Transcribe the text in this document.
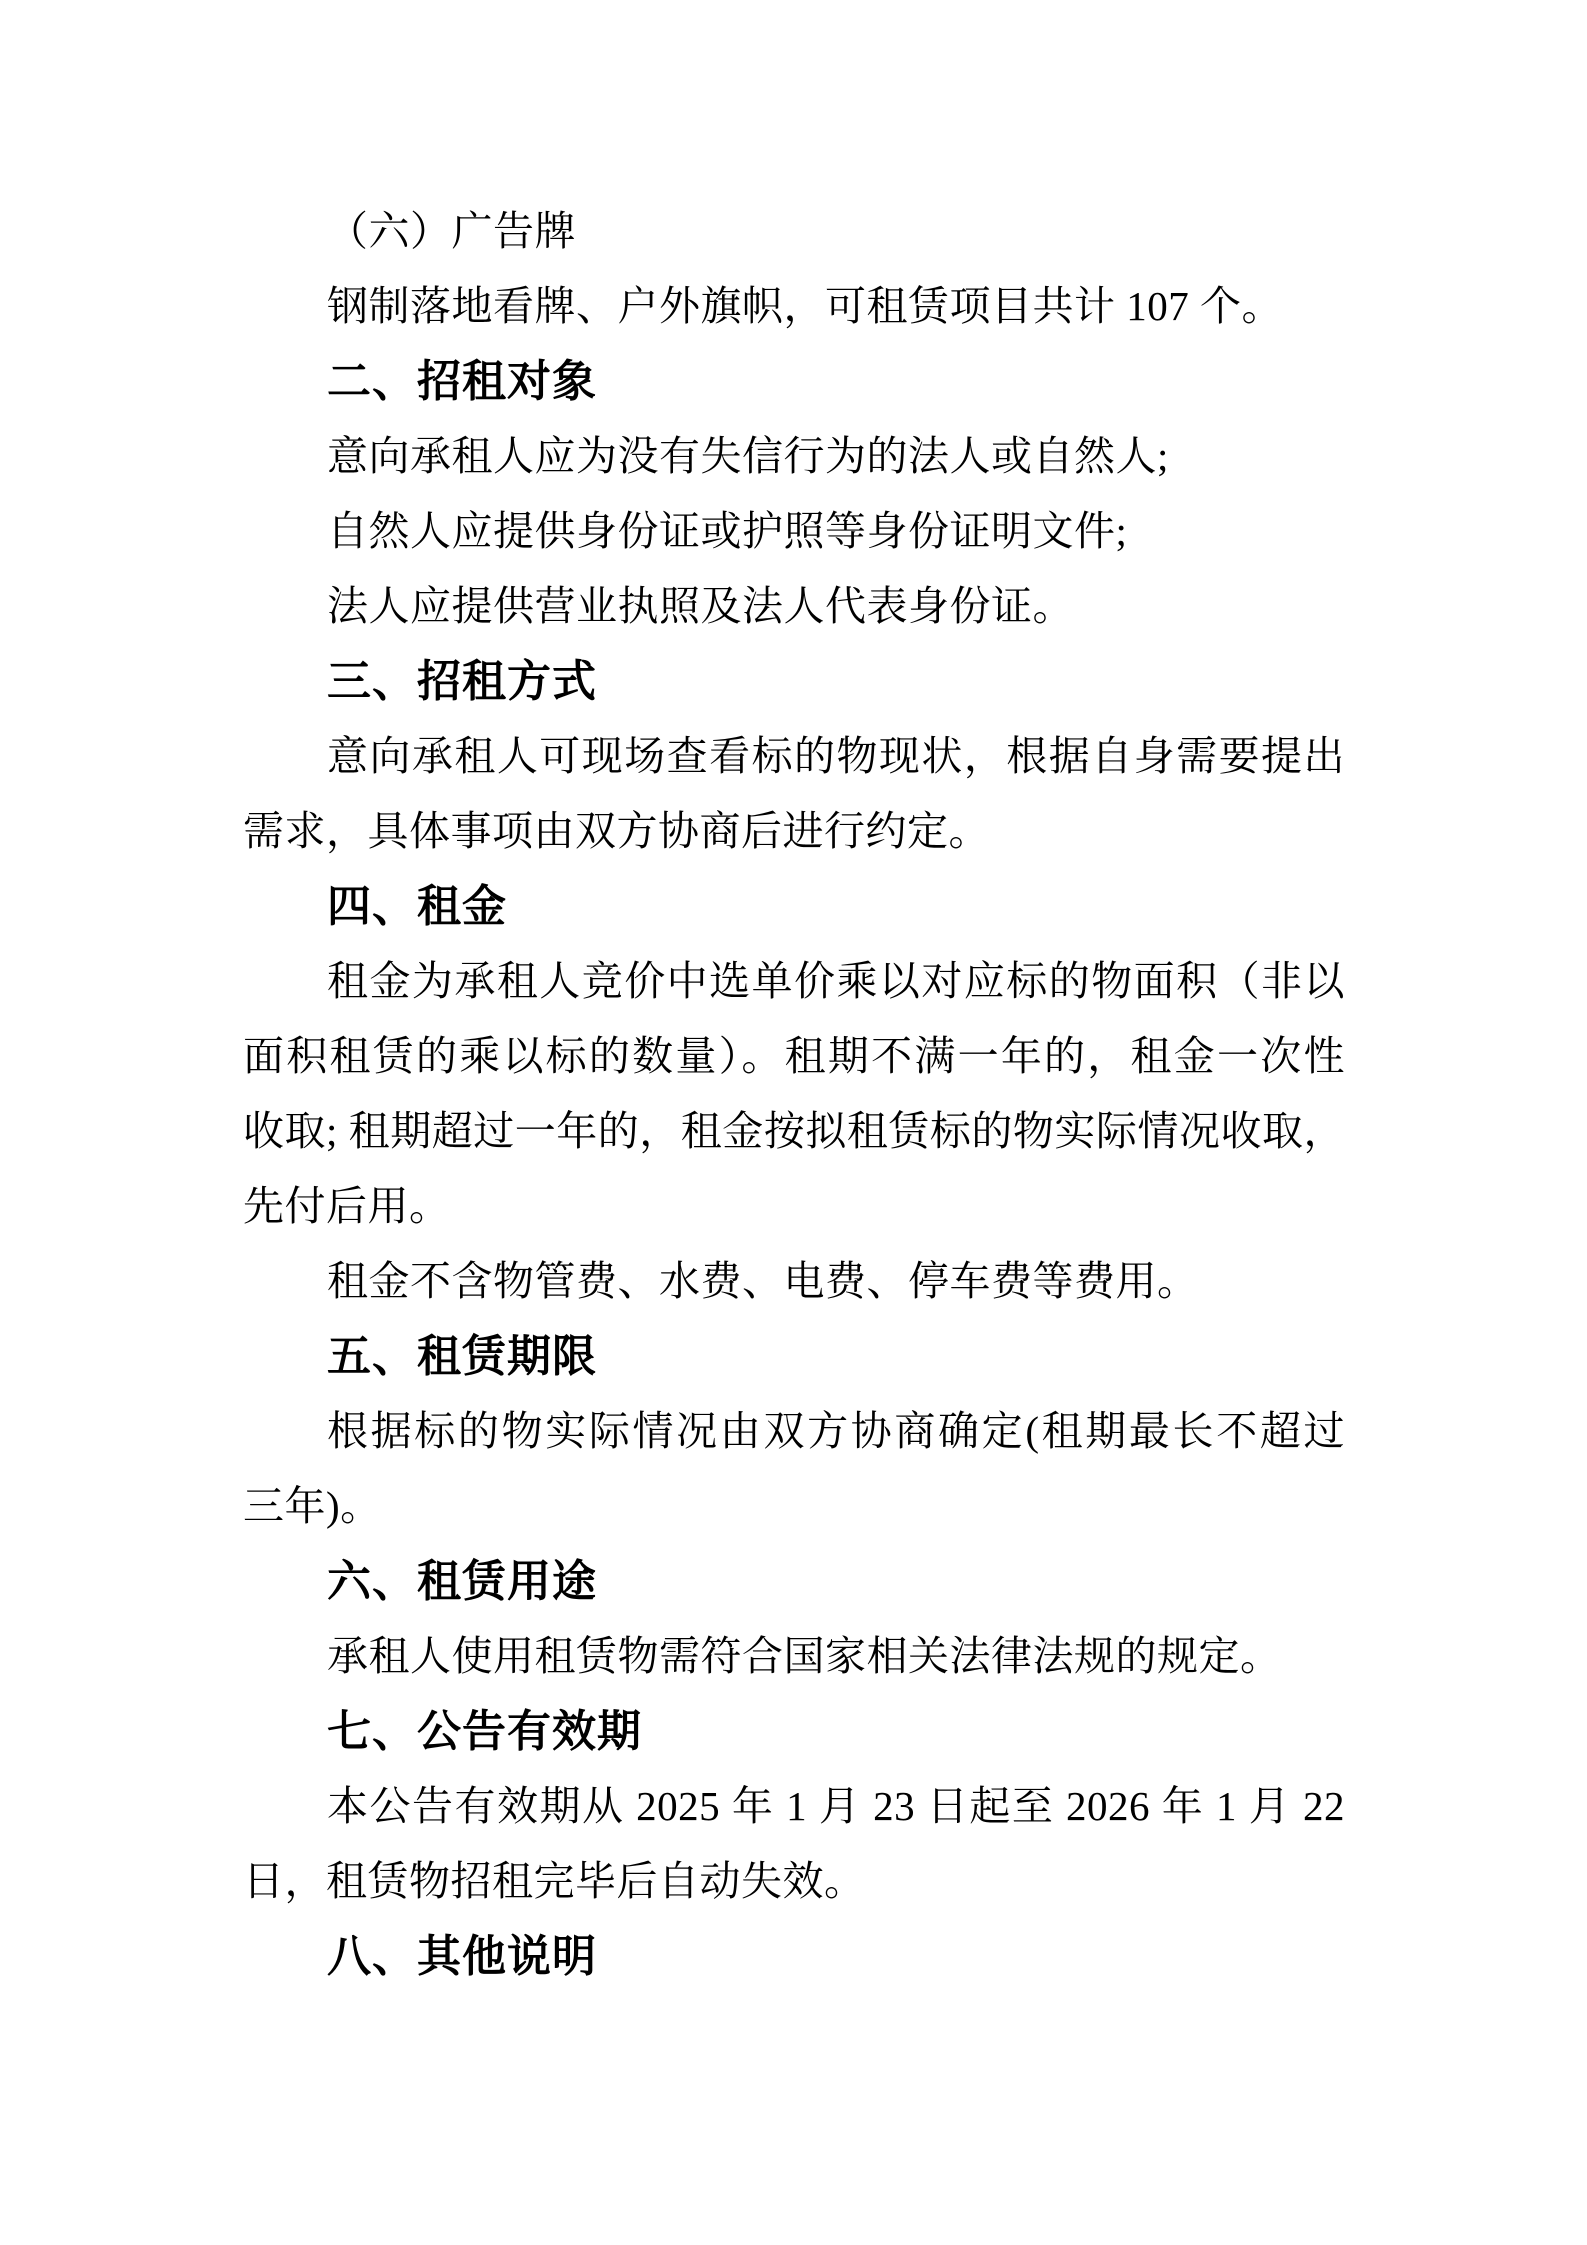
（六）广告牌
钢制落地看牌、户外旗帜，可租赁项目共计 107 个。
二、招租对象
意向承租人应为没有失信行为的法人或自然人;
自然人应提供身份证或护照等身份证明文件;
法人应提供营业执照及法人代表身份证。
三、招租方式
意向承租人可现场查看标的物现状，根据自身需要提出
需求，具体事项由双方协商后进行约定。
四、租金
租金为承租人竞价中选单价乘以对应标的物面积（非以
面积租赁的乘以标的数量）。租期不满一年的，租金一次性
收取; 租期超过一年的，租金按拟租赁标的物实际情况收取，
先付后用。
租金不含物管费、水费、电费、停车费等费用。
五、租赁期限
根据标的物实际情况由双方协商确定(租期最长不超过
三年)。
六、租赁用途
承租人使用租赁物需符合国家相关法律法规的规定。
七、公告有效期
本公告有效期从 2025 年 1 月 23 日起至 2026 年 1 月 22
日，租赁物招租完毕后自动失效。
八、其他说明
